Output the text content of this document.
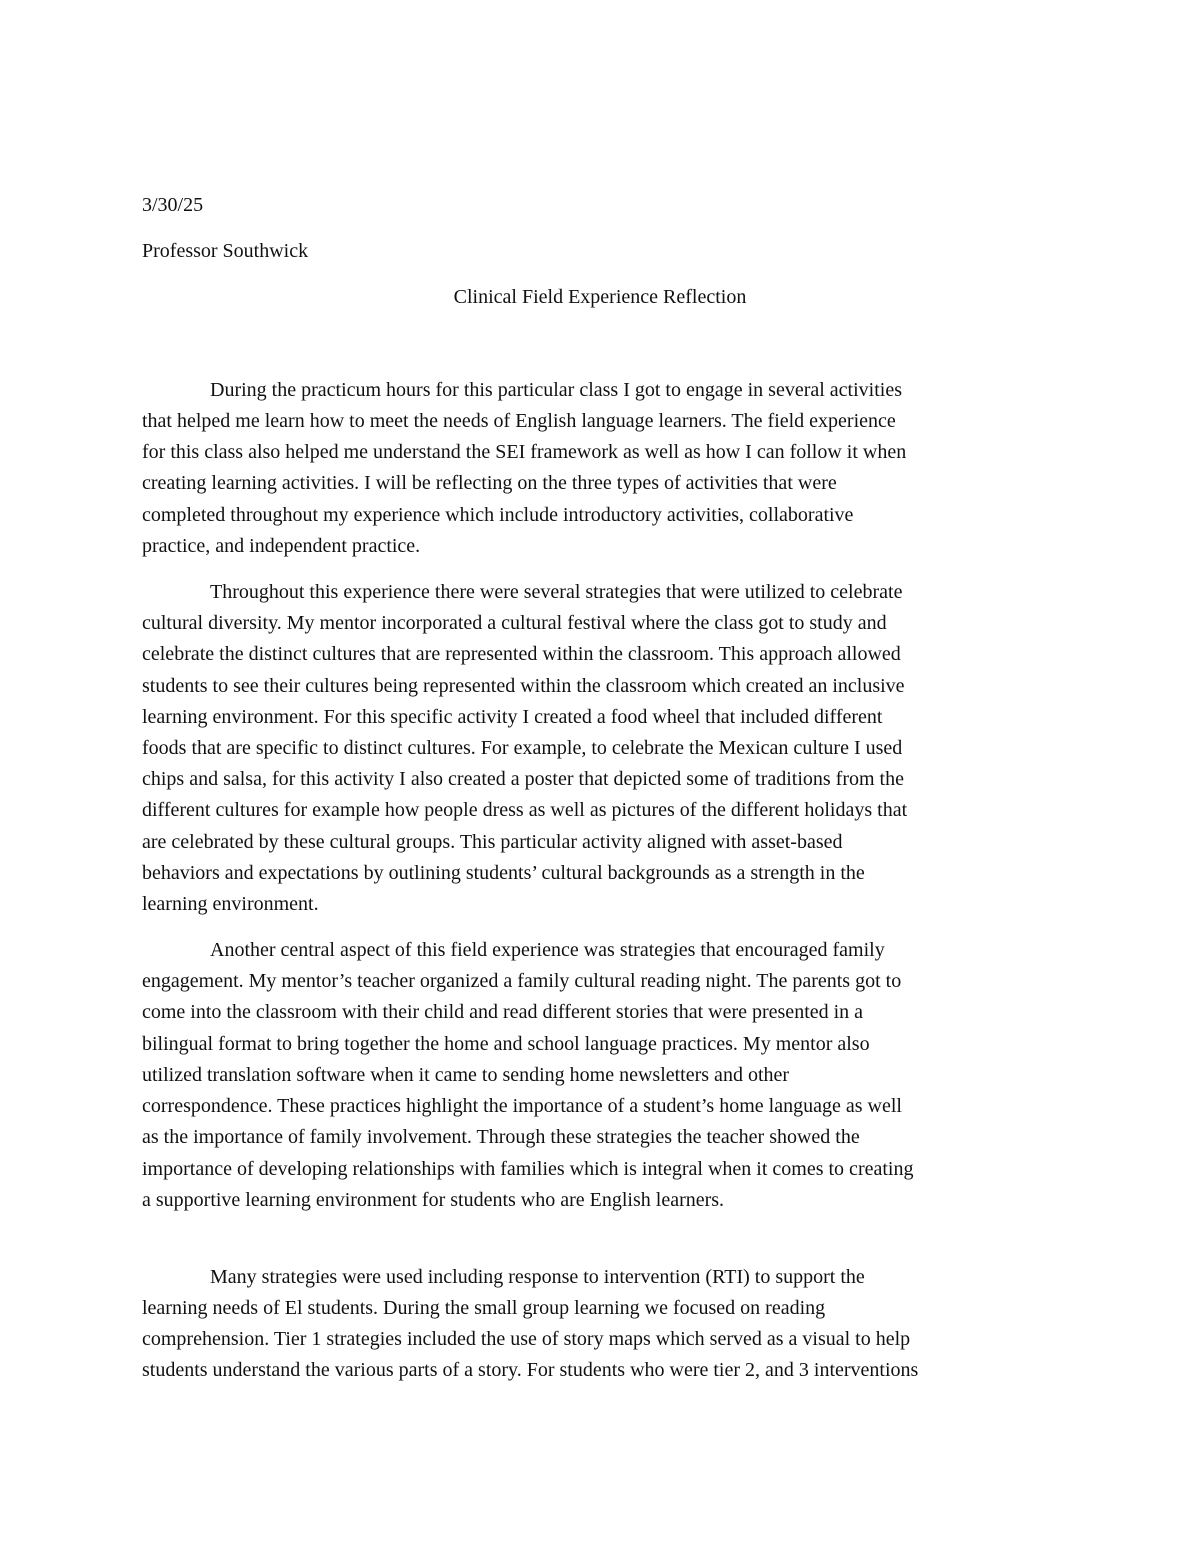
3/30/25
Professor Southwick
Clinical Field Experience Reflection
During the practicum hours for this particular class I got to engage in several activities
that helped me learn how to meet the needs of English language learners. The field experience
for this class also helped me understand the SEI framework as well as how I can follow it when
creating learning activities. I will be reflecting on the three types of activities that were
completed throughout my experience which include introductory activities, collaborative
practice, and independent practice.
Throughout this experience there were several strategies that were utilized to celebrate
cultural diversity. My mentor incorporated a cultural festival where the class got to study and
celebrate the distinct cultures that are represented within the classroom. This approach allowed
students to see their cultures being represented within the classroom which created an inclusive
learning environment. For this specific activity I created a food wheel that included different
foods that are specific to distinct cultures. For example, to celebrate the Mexican culture I used
chips and salsa, for this activity I also created a poster that depicted some of traditions from the
different cultures for example how people dress as well as pictures of the different holidays that
are celebrated by these cultural groups. This particular activity aligned with asset-based
behaviors and expectations by outlining students’ cultural backgrounds as a strength in the
learning environment.
Another central aspect of this field experience was strategies that encouraged family
engagement. My mentor’s teacher organized a family cultural reading night. The parents got to
come into the classroom with their child and read different stories that were presented in a
bilingual format to bring together the home and school language practices. My mentor also
utilized translation software when it came to sending home newsletters and other
correspondence. These practices highlight the importance of a student’s home language as well
as the importance of family involvement. Through these strategies the teacher showed the
importance of developing relationships with families which is integral when it comes to creating
a supportive learning environment for students who are English learners.
Many strategies were used including response to intervention (RTI) to support the
learning needs of El students. During the small group learning we focused on reading
comprehension. Tier 1 strategies included the use of story maps which served as a visual to help
students understand the various parts of a story. For students who were tier 2, and 3 interventions
